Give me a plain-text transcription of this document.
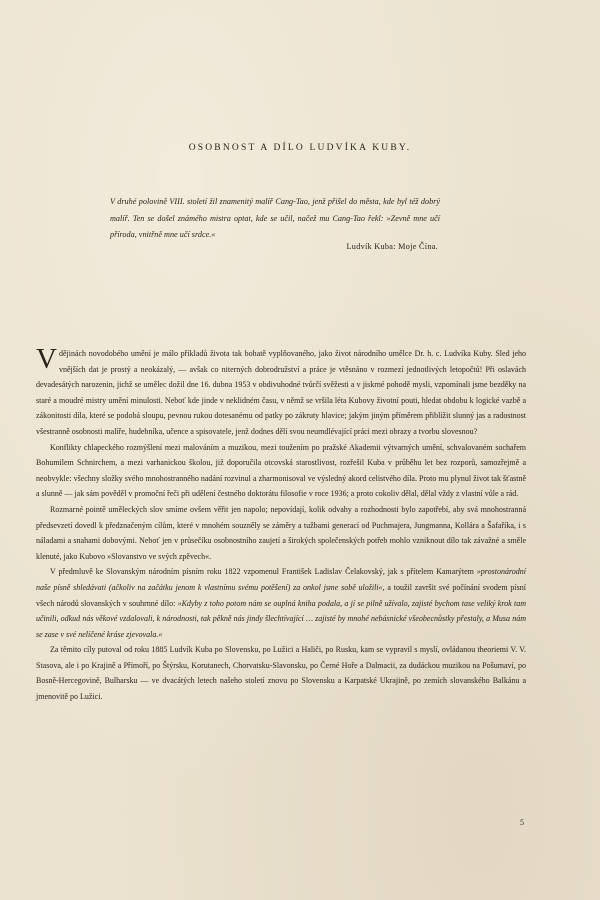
OSOBNOST A DÍLO LUDVÍKA KUBY.
V druhé polovině VIII. století žil znamenitý malíř Cang-Tao, jenž přišel do města, kde byl též dobrý malíř. Ten se došel známého mistra optat, kde se učil, načež mu Cang-Tao řekl: »Zevně mne učí příroda, vnitřně mne učí srdce.«
Ludvík Kuba: Moje Čína.

V dějinách novodobého umění je málo příkladů života tak bohatě vyplňovaného, jako život národního umělce Dr. h. c. Ludvíka Kuby. Sled jeho vnějších dat je prostý a neokázalý, — avšak co niterných dobrodružství a práce je vtěsnáno v rozmezí jednotlivých letopočtů! Při oslavách devadesátých narozenin, jichž se umělec dožil dne 16. dubna 1953 v obdivuhodné tvůrčí svěžesti a v jiskrné pohodě mysli, vzpomínali jsme bezděky na staré a moudré mistry umění minulosti. Neboť kde jinde v neklidném času, v němž se vršila léta Kubovy životní pouti, hledat obdobu k logické vazbě a zákonitosti díla, které se podobá sloupu, pevnou rukou dotesanému od patky po zákruty hlavice; jakým jiným příměrem přiblížit slunný jas a radostnost všestranně osobnosti malíře, hudebníka, učence a spisovatele, jenž dodnes dělí svou neumdlévající práci mezi obrazy a tvorbu slovesnou?

Konflikty chlapeckého rozmýšlení mezi malováním a muzikou, mezi toužením po pražské Akademii výtvarných umění, schvalovaném sochařem Bohumilem Schnirchem, a mezi varhanickou školou, již doporučila otcovská starostlivost, rozřešil Kuba v průběhu let bez rozporů, samozřejmě a neobvykle: všechny složky svého mnohostranného nadání rozvinul a zharmonisoval ve výsledný akord celistvého díla. Proto mu plynul život tak šťastně a slunně — jak sám pověděl v promoční řeči při udělení čestného doktorátu filosofie v roce 1936; a proto cokoliv dělal, dělal vždy z vlastní vůle a rád.

Rozmarné pointě uměleckých slov smíme ovšem věřit jen napolo; nepovídají, kolik odvahy a rozhodnosti bylo zapotřebí, aby svá mnohostranná předsevzetí dovedl k předznačeným cílům, které v mnohém souzněly se záměry a tužbami generací od Puchmajera, Jungmanna, Kollára a Šafaříka, i s náladami a snahami dobovými. Neboť jen v průsečíku osobnostního zaujetí a širokých společenských potřeb mohlo vzniknout dílo tak závažné a směle klenuté, jako Kubovo »Slovanstvo ve svých zpěvech«.

V předmluvě ke Slovanským národním písním roku 1822 vzpomenul František Ladislav Čelakovský, jak s přítelem Kamarýtem »prostonárodní naše písně shledávati (ačkoliv na začátku jenom k vlastnímu svému potěšení) za onkol jsme sobě uložili«, a toužil završit své počínání svodem písní všech národů slovanských v souhrnné dílo: »Kdyby z toho potom nám se ouplná kniha podala, a jí se pilně užívalo, zajisté bychom tase veliký krok tam učinili, odkud nás věkové vzdalovali, k národnosti, tak pěkně nás jindy šlechtívající … zajisté by mnohé nebásnické všeobecnůstky přestaly, a Musa nám se zase v své nelíčené kráse zjevovala.«

Za těmito cíly putoval od roku 1885 Ludvík Kuba po Slovensku, po Lužici a Haliči, po Rusku, kam se vypravil s myslí, ovládanou theoriemi V. V. Stasova, ale i po Krajině a Přímoří, po Štýrsku, Korutanech, Chorvatsku-Slavonsku, po Černé Hoře a Dalmacii, za dudáckou muzikou na Pošumaví, po Bosně-Hercegovině, Bulharsku — ve dvacátých letech našeho století znovu po Slovensku a Karpatské Ukrajině, po zemích slovanského Balkánu a jmenovitě po Lužici.

5
